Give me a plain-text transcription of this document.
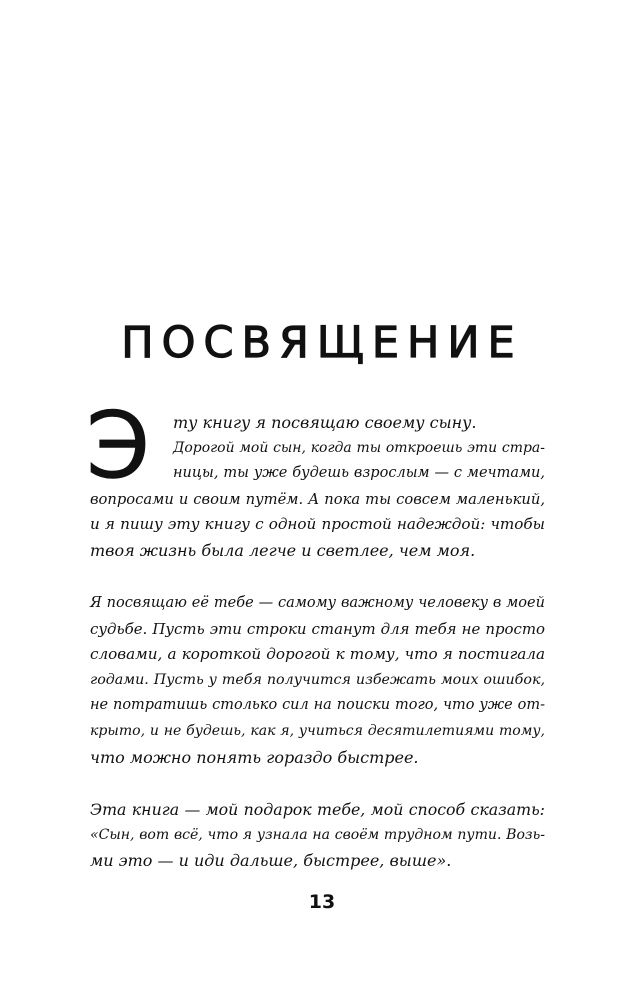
ПОСВЯЩЕНИЕ
Э	ту книгу я посвящаю своему сыну.
Дорогой мой сын, когда ты откроешь эти стра-
ницы, ты уже будешь взрослым — с мечтами,
вопросами и своим путём. А пока ты совсем маленький,
и я пишу эту книгу с одной простой надеждой: чтобы
твоя жизнь была легче и светлее, чем моя.

Я посвящаю её тебе — самому важному человеку в моей
судьбе. Пусть эти строки станут для тебя не просто
словами, а короткой дорогой к тому, что я постигала
годами. Пусть у тебя получится избежать моих ошибок,
не потратишь столько сил на поиски того, что уже от-
крыто, и не будешь, как я, учиться десятилетиями тому,
что можно понять гораздо быстрее.

Эта книга — мой подарок тебе, мой способ сказать:
«Сын, вот всё, что я узнала на своём трудном пути. Возь-
ми это — и иди дальше, быстрее, выше».

13
